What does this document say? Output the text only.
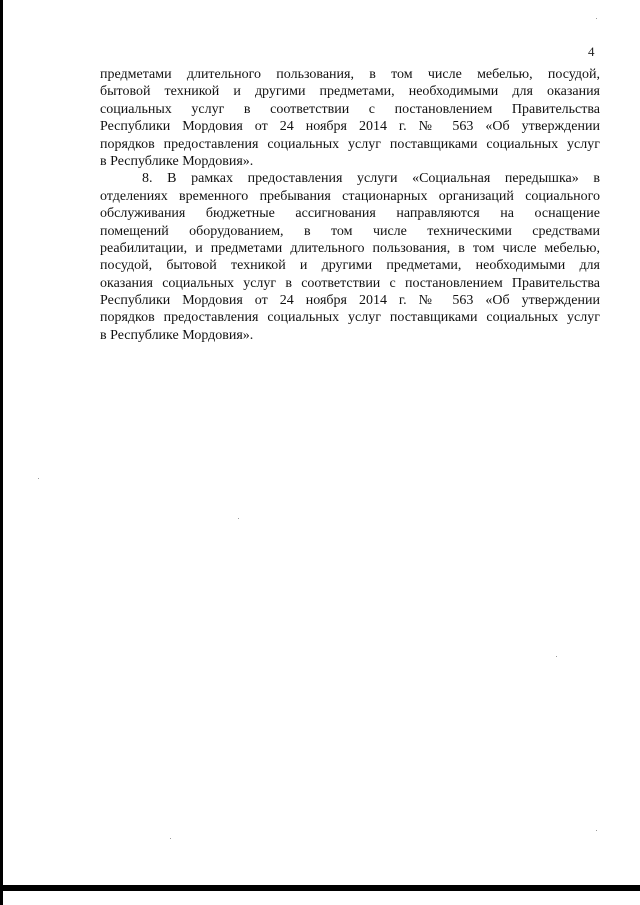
4
предметами длительного пользования, в том числе мебелью, посудой,
бытовой техникой и другими предметами, необходимыми для оказания
социальных услуг в соответствии с постановлением Правительства
Республики Мордовия от 24 ноября 2014 г. № 563 «Об утверждении
порядков предоставления социальных услуг поставщиками социальных услуг
в Республике Мордовия».
8. В рамках предоставления услуги «Социальная передышка» в
отделениях временного пребывания стационарных организаций социального
обслуживания бюджетные ассигнования направляются на оснащение
помещений оборудованием, в том числе техническими средствами
реабилитации, и предметами длительного пользования, в том числе мебелью,
посудой, бытовой техникой и другими предметами, необходимыми для
оказания социальных услуг в соответствии с постановлением Правительства
Республики Мордовия от 24 ноября 2014 г. № 563 «Об утверждении
порядков предоставления социальных услуг поставщиками социальных услуг
в Республике Мордовия».
